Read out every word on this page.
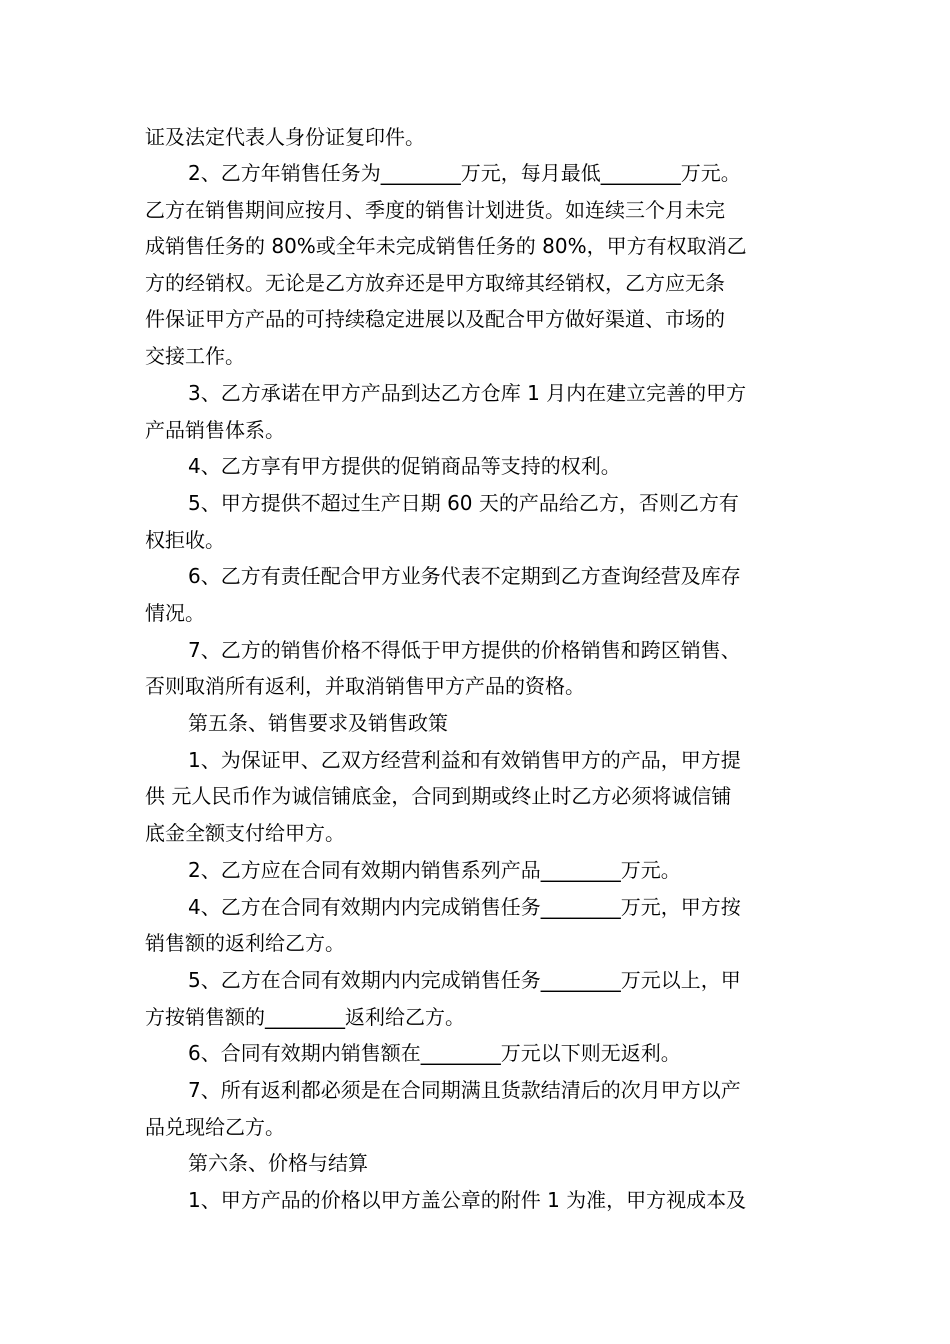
证及法定代表人身份证复印件。
2、乙方年销售任务为________万元，每月最低________万元。
乙方在销售期间应按月、季度的销售计划进货。如连续三个月未完
成销售任务的 80%或全年未完成销售任务的 80%，甲方有权取消乙
方的经销权。无论是乙方放弃还是甲方取缔其经销权，乙方应无条
件保证甲方产品的可持续稳定进展以及配合甲方做好渠道、市场的
交接工作。
3、乙方承诺在甲方产品到达乙方仓库 1 月内在建立完善的甲方
产品销售体系。
4、乙方享有甲方提供的促销商品等支持的权利。
5、甲方提供不超过生产日期 60 天的产品给乙方，否则乙方有
权拒收。
6、乙方有责任配合甲方业务代表不定期到乙方查询经营及库存
情况。
7、乙方的销售价格不得低于甲方提供的价格销售和跨区销售、
否则取消所有返利，并取消销售甲方产品的资格。
第五条、销售要求及销售政策
1、为保证甲、乙双方经营利益和有效销售甲方的产品，甲方提
供 元人民币作为诚信铺底金，合同到期或终止时乙方必须将诚信铺
底金全额支付给甲方。
2、乙方应在合同有效期内销售系列产品________万元。
4、乙方在合同有效期内内完成销售任务________万元，甲方按
销售额的返利给乙方。
5、乙方在合同有效期内内完成销售任务________万元以上，甲
方按销售额的________返利给乙方。
6、合同有效期内销售额在________万元以下则无返利。
7、所有返利都必须是在合同期满且货款结清后的次月甲方以产
品兑现给乙方。
第六条、价格与结算
1、甲方产品的价格以甲方盖公章的附件 1 为准，甲方视成本及
